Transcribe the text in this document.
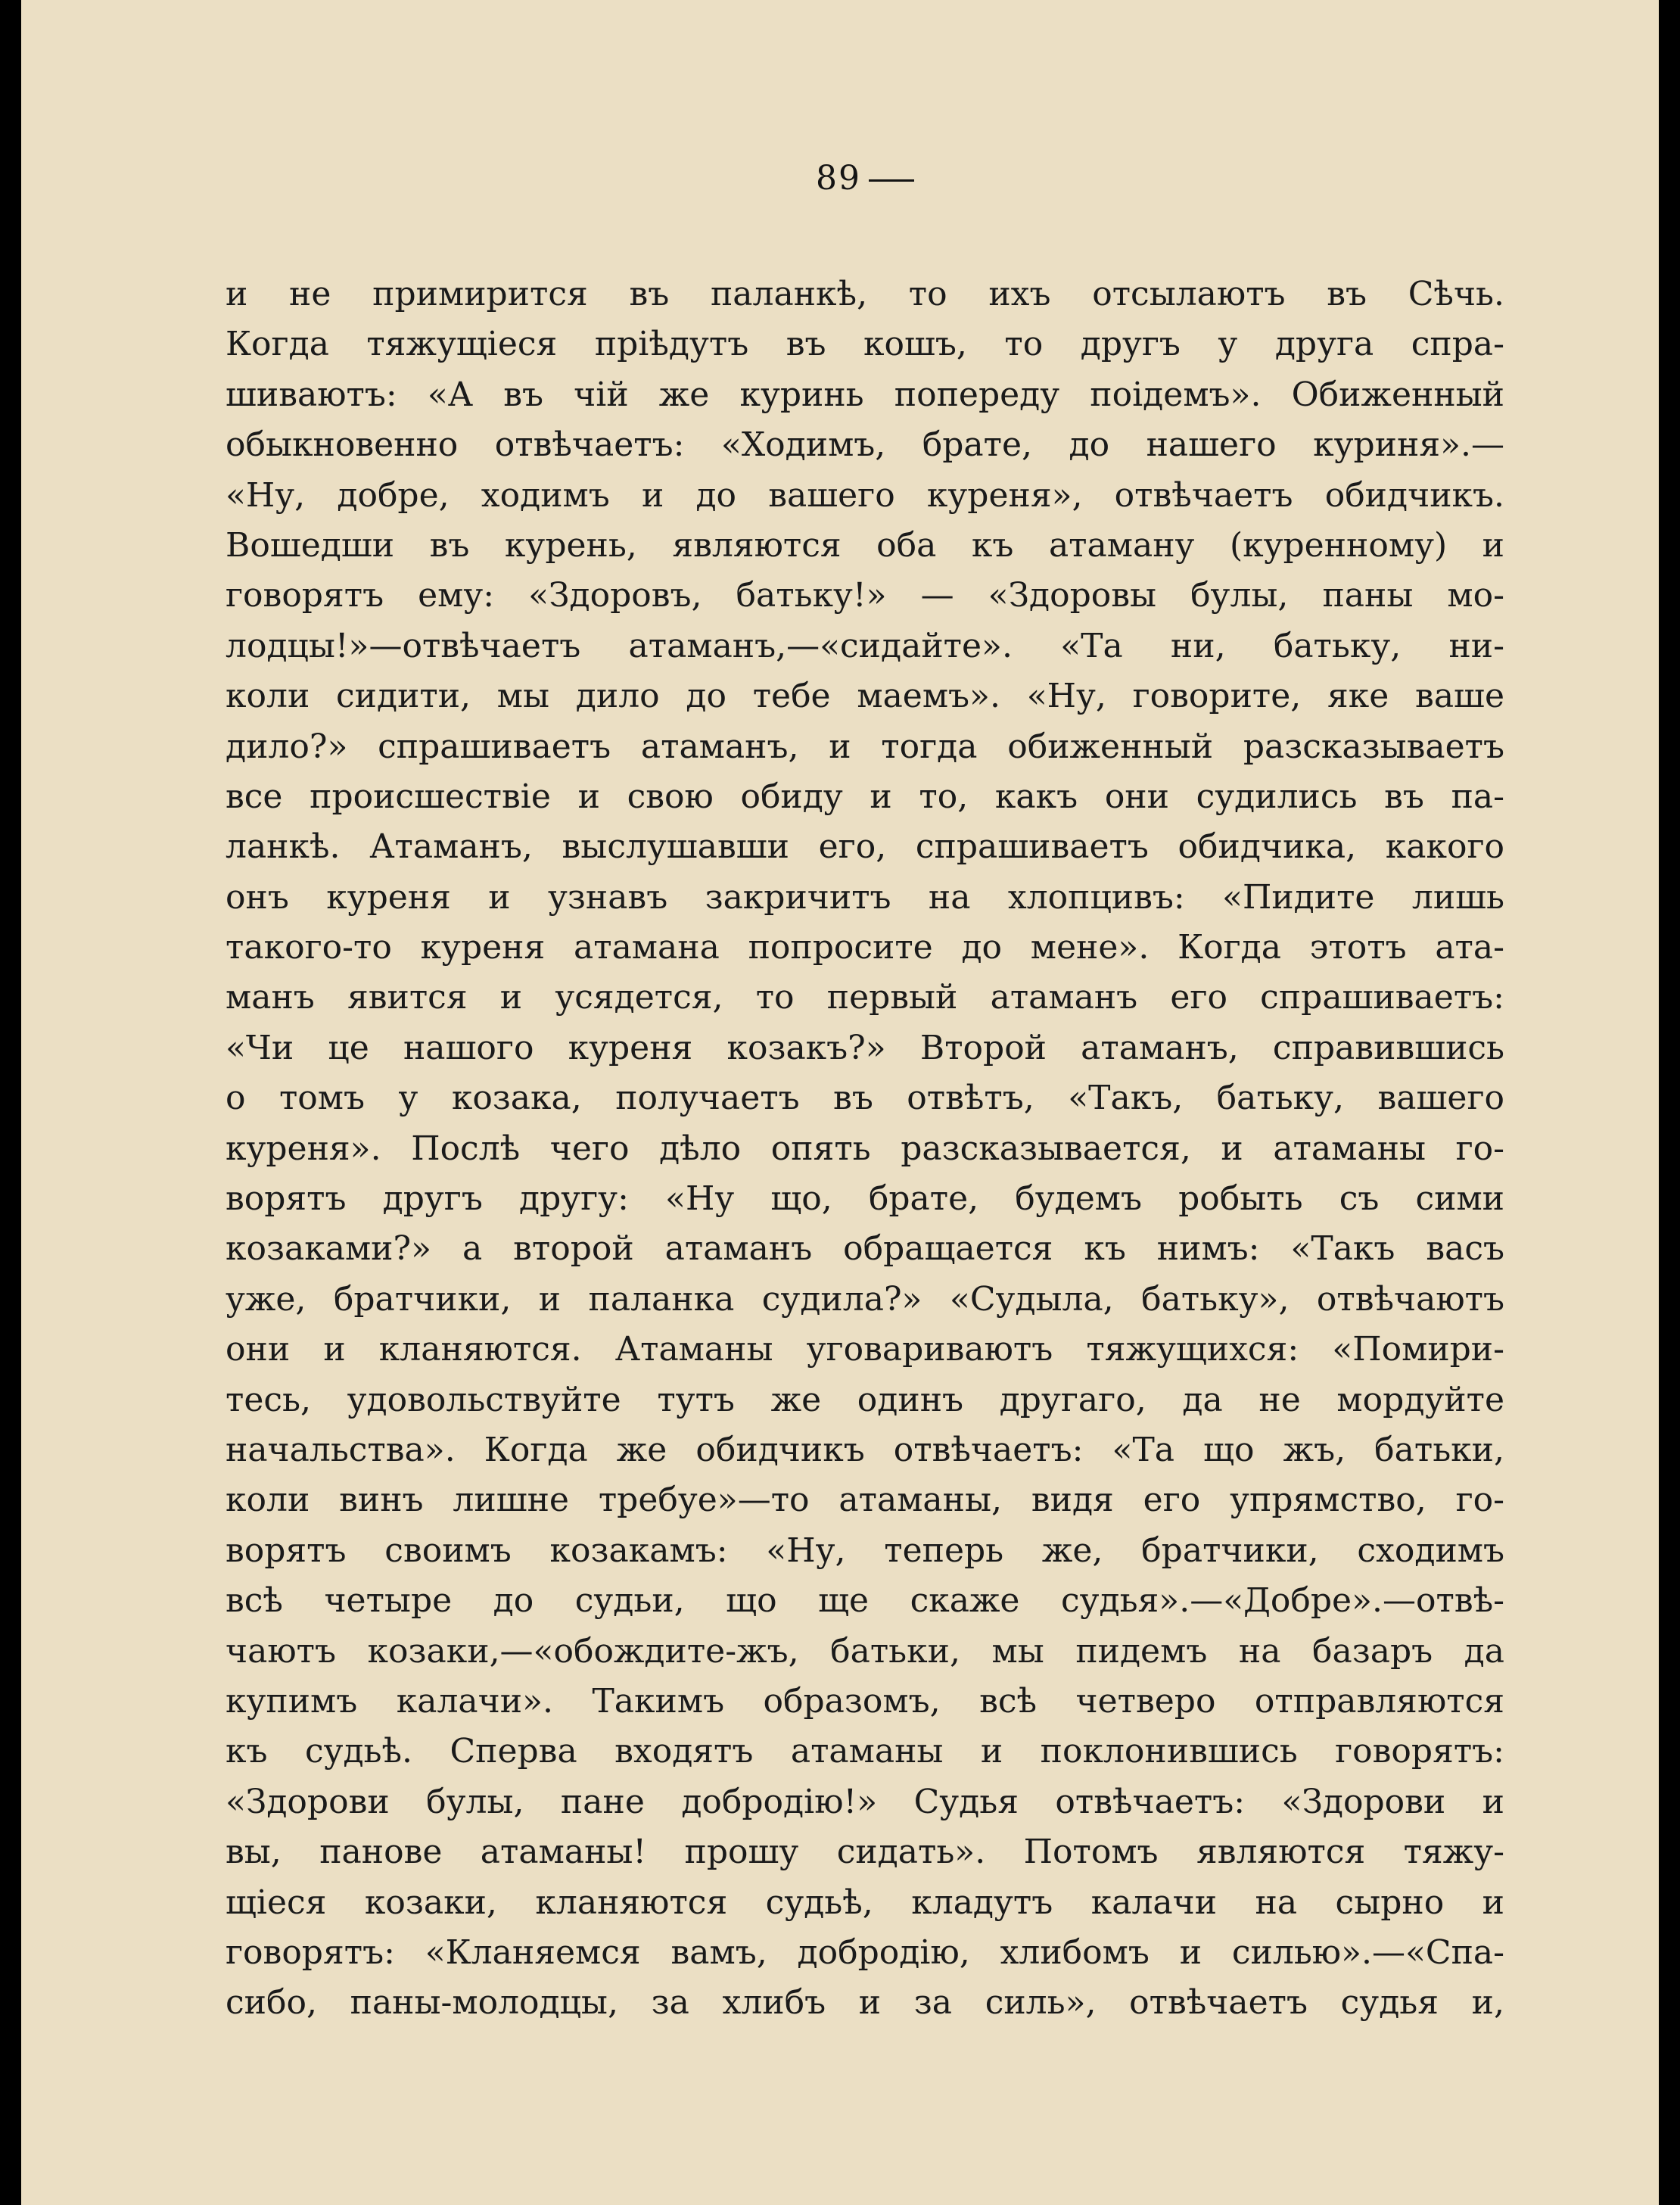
89
и не примирится въ паланкѣ, то ихъ отсылаютъ въ Сѣчь.
Когда тяжущіеся пріѣдутъ въ кошъ, то другъ у друга спра-
шиваютъ: «А въ чій же куринь попереду поідемъ». Обиженный
обыкновенно отвѣчаетъ: «Ходимъ, брате, до нашего куриня».—
«Ну, добре, ходимъ и до вашего куреня», отвѣчаетъ обидчикъ.
Вошедши въ курень, являются оба къ атаману (куренному) и
говорятъ ему: «Здоровъ, батьку!» — «Здоровы булы, паны мо-
лодцы!»—отвѣчаетъ атаманъ,—«сидайте». «Та ни, батьку, ни-
коли сидити, мы дило до тебе маемъ». «Ну, говорите, яке ваше
дило?» спрашиваетъ атаманъ, и тогда обиженный разсказываетъ
все происшествіе и свою обиду и то, какъ они судились въ па-
ланкѣ. Атаманъ, выслушавши его, спрашиваетъ обидчика, какого
онъ куреня и узнавъ закричитъ на хлопцивъ: «Пидите лишь
такого-то куреня атамана попросите до мене». Когда этотъ ата-
манъ явится и усядется, то первый атаманъ его спрашиваетъ:
«Чи це нашого куреня козакъ?» Второй атаманъ, справившись
о томъ у козака, получаетъ въ отвѣтъ, «Такъ, батьку, вашего
куреня». Послѣ чего дѣло опять разсказывается, и атаманы го-
ворятъ другъ другу: «Ну що, брате, будемъ робыть съ сими
козаками?» а второй атаманъ обращается къ нимъ: «Такъ васъ
уже, братчики, и паланка судила?» «Судыла, батьку», отвѣчаютъ
они и кланяются. Атаманы уговариваютъ тяжущихся: «Помири-
тесь, удовольствуйте тутъ же одинъ другаго, да не мордуйте
начальства». Когда же обидчикъ отвѣчаетъ: «Та що жъ, батьки,
коли винъ лишне требуе»—то атаманы, видя его упрямство, го-
ворятъ своимъ козакамъ: «Ну, теперь же, братчики, сходимъ
всѣ четыре до судьи, що ще скаже судья».—«Добре».—отвѣ-
чаютъ козаки,—«обождите-жъ, батьки, мы пидемъ на базаръ да
купимъ калачи». Такимъ образомъ, всѣ четверо отправляются
къ судьѣ. Сперва входятъ атаманы и поклонившись говорятъ:
«Здорови булы, пане добродію!» Судья отвѣчаетъ: «Здорови и
вы, панове атаманы! прошу сидать». Потомъ являются тяжу-
щіеся козаки, кланяются судьѣ, кладутъ калачи на сырно и
говорятъ: «Кланяемся вамъ, добродію, хлибомъ и силью».—«Спа-
сибо, паны-молодцы, за хлибъ и за силь», отвѣчаетъ судья и,
